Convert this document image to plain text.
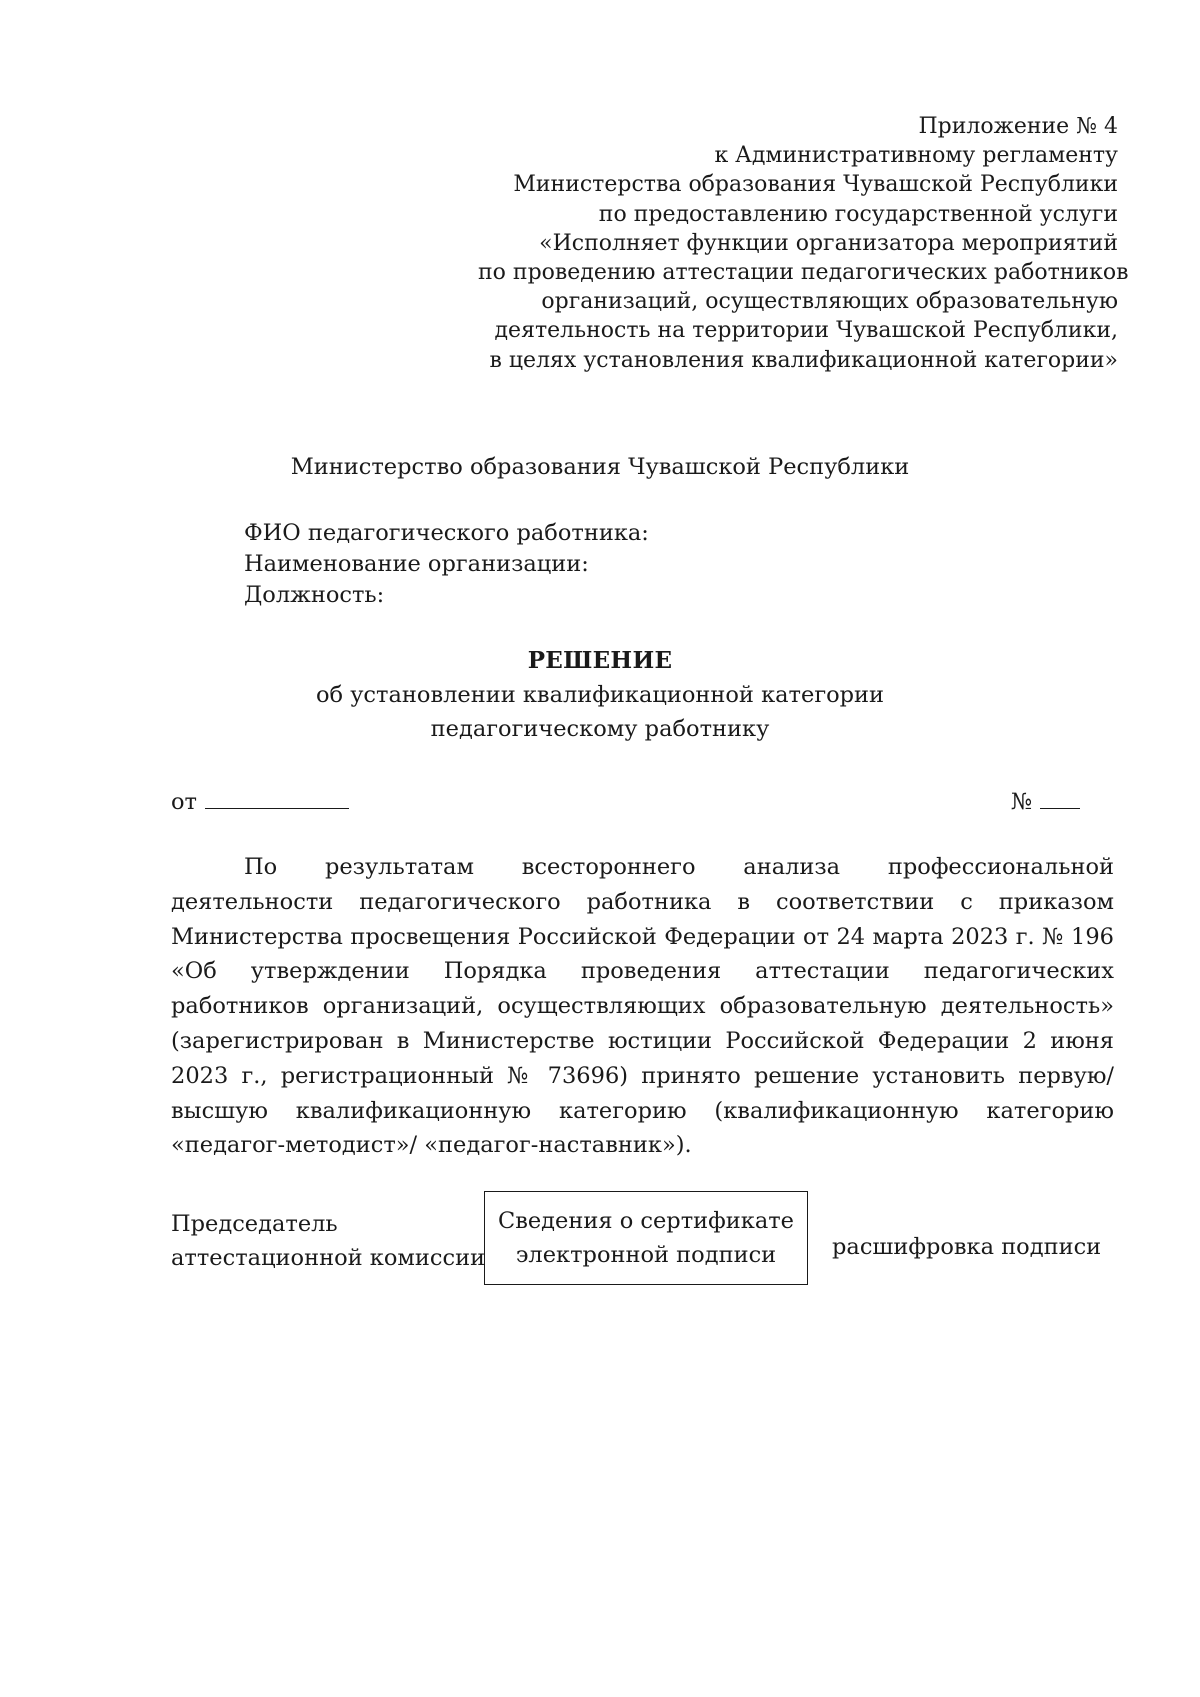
Приложение № 4
к Административному регламенту
Министерства образования Чувашской Республики
по предоставлению государственной услуги
«Исполняет функции организатора мероприятий
по проведению аттестации педагогических работников
организаций, осуществляющих образовательную
деятельность на территории Чувашской Республики,
в целях установления квалификационной категории»
Министерство образования Чувашской Республики
ФИО педагогического работника:
Наименование организации:
Должность:
РЕШЕНИЕ
об установлении квалификационной категории
педагогическому работнику
от	№

По результатам всестороннего анализа профессиональной деятельности педагогического работника в соответствии с приказом Министерства просвещения Российской Федерации от 24 марта 2023 г. № 196 «Об утверждении Порядка проведения аттестации педагогических работников организаций, осуществляющих образовательную деятельность» (зарегистрирован в Министерстве юстиции Российской Федерации 2 июня 2023 г., регистрационный № 73696) принято решение установить первую/высшую квалификационную категорию (квалификационную категорию «педагог-методист»/ «педагог-наставник»).

Председатель
аттестационной комиссии
Сведения о сертификате
электронной подписи расшифровка подписи
